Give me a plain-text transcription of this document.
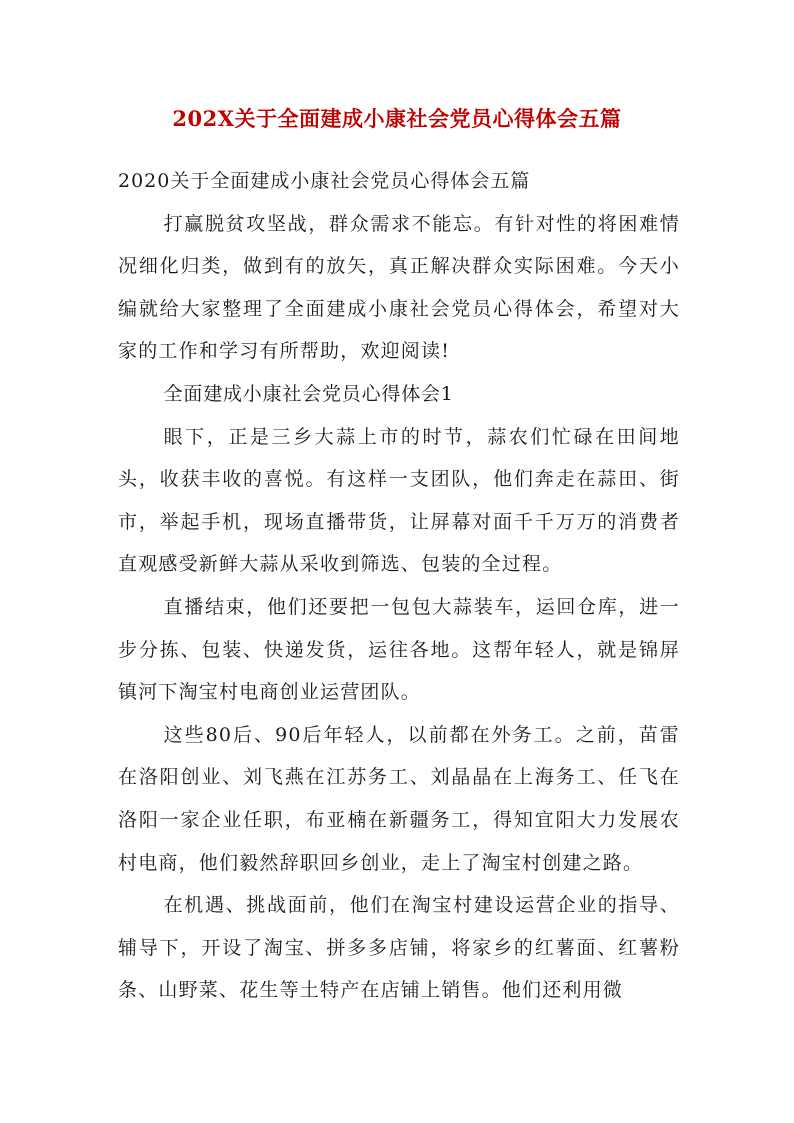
202X关于全面建成小康社会党员心得体会五篇

2020关于全面建成小康社会党员心得体会五篇

打赢脱贫攻坚战，群众需求不能忘。有针对性的将困难情况细化归类，做到有的放矢，真正解决群众实际困难。今天小编就给大家整理了全面建成小康社会党员心得体会，希望对大家的工作和学习有所帮助，欢迎阅读!

全面建成小康社会党员心得体会1

眼下，正是三乡大蒜上市的时节，蒜农们忙碌在田间地头，收获丰收的喜悦。有这样一支团队，他们奔走在蒜田、街市，举起手机，现场直播带货，让屏幕对面千千万万的消费者直观感受新鲜大蒜从采收到筛选、包装的全过程。

直播结束，他们还要把一包包大蒜装车，运回仓库，进一步分拣、包装、快递发货，运往各地。这帮年轻人，就是锦屏镇河下淘宝村电商创业运营团队。

这些80后、90后年轻人，以前都在外务工。之前，苗雷在洛阳创业、刘飞燕在江苏务工、刘晶晶在上海务工、任飞在洛阳一家企业任职，布亚楠在新疆务工，得知宜阳大力发展农村电商，他们毅然辞职回乡创业，走上了淘宝村创建之路。

在机遇、挑战面前，他们在淘宝村建设运营企业的指导、辅导下，开设了淘宝、拼多多店铺，将家乡的红薯面、红薯粉条、山野菜、花生等土特产在店铺上销售。他们还利用微
